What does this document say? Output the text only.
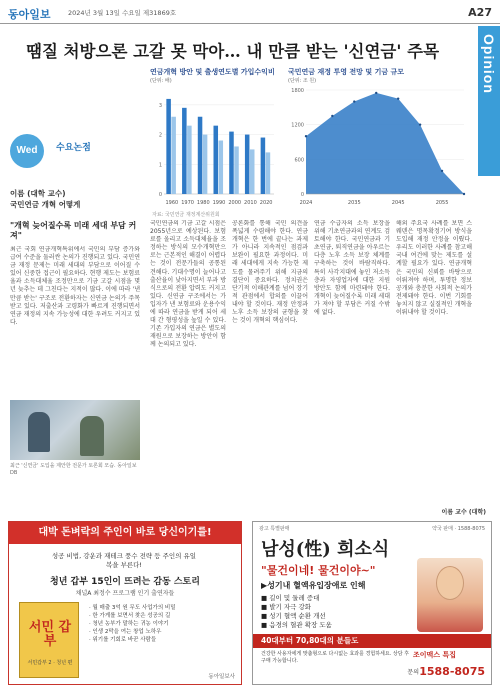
동아일보	2024년 3월 13일 수요일 제31869호	A27
Opinion
땜질 처방으론 고갈 못 막아… 내 만큼 받는 '신연금' 주목
Wed	수요논점
이름 (대학 교수)
국민연금 개혁 어떻게
"개혁 늦어질수록 미래 세대 부담 커져"
최근 국회 연금개혁특위에서 국민의 부담 증가와 급여 수준을 둘러싼 논의가 진행되고 있다. 국민연금 재정 문제는 미래 세대의 부담으로 이어질 수 있어 신중한 접근이 필요하다. 현행 제도는 보험료율과 소득대체율 조정만으로 기금 고갈 시점을 몇 년 늦추는 데 그친다는 지적이 많다. 이에 따라 '낸 만큼 받는' 구조로 전환하자는 신연금 논의가 주목받고 있다. 저출산과 고령화가 빠르게 진행되면서 연금 재정의 지속 가능성에 대한 우려도 커지고 있다.
최근 '신연금' 도입을 제안한 전문가 토론회 모습. 동아일보DB
연금개혁 방안 및 출생연도별 가입수익비
(단위: 배)
0
1
2
3
1960 1970 1980 1990 2000 2010 2020
국민연금 재정 투영 전망 및 기금 규모
(단위: 조 원)
0
600
1200
1800
2024	2035	2045	2055
자료: 국민연금 재정계산위원회
국민연금의 기금 고갈 시점은 2055년으로 예상된다. 보험료를 올리고 소득대체율을 조정하는 방식의 모수개혁만으로는 근본적인 해결이 어렵다는 것이 전문가들의 공통된 견해다. 기대수명이 늘어나고 출산율이 낮아지면서 부과 방식으로의 전환 압력도 커지고 있다. 신연금 구조에서는 가입자가 낸 보험료와 운용수익에 따라 연금을 받게 되어 세대 간 형평성을 높일 수 있다. 기존 가입자의 연금은 별도의 재원으로 보장하는 방안이 함께 논의되고 있다.
공론화를 통해 국민 의견을 폭넓게 수렴해야 한다. 연금개혁은 한 번에 끝나는 과제가 아니라 지속적인 점검과 보완이 필요한 과정이다. 미래 세대에게 지속 가능한 제도를 물려주기 위해 지금의 결단이 중요하다. 정치권은 단기적 이해관계를 넘어 장기적 관점에서 합의를 이끌어 내야 할 것이다. 재정 안정과 노후 소득 보장의 균형을 찾는 것이 개혁의 핵심이다.
연금 수급자의 소득 보장을 위해 기초연금과의 연계도 검토해야 한다. 국민연금과 기초연금, 퇴직연금을 아우르는 다층 노후 소득 보장 체계를 구축하는 것이 바람직하다. 특히 사각지대에 놓인 저소득층과 자영업자에 대한 지원 방안도 함께 마련돼야 한다. 개혁이 늦어질수록 미래 세대가 져야 할 부담은 커질 수밖에 없다.
해외 주요국 사례를 보면 스웨덴은 명목확정기여 방식을 도입해 재정 안정을 이뤘다. 우리도 이러한 사례를 참고해 국내 여건에 맞는 제도를 설계할 필요가 있다. 연금개혁은 국민의 신뢰를 바탕으로 이뤄져야 하며, 투명한 정보 공개와 충분한 사회적 논의가 전제돼야 한다. 이번 기회를 놓치지 않고 실질적인 개혁을 이뤄내야 할 것이다.
이름 교수 (대학)
대박 돈벼락의 주인이 바로 당신이기를!
성공 비법, 강운과 재테크 풍수 전략 등 주인의 유일 복을 부른다!
청년 갑부 15인이 뜨려는 감동 스토리
채널A 최정수 프로그램 인기 출연자들
서민 갑부
서민갑부 2 · 청년 편
· 월 매출 3억 원 무도 사업가의 비밀
· 한 가게를 보면서 찾은 성공의 길
· 청년 농부가 말하는 귀농 이야기
· 인생 2막을 여는 창업 노하우
· 위기를 기회로 바꾼 사람들
동아일보사
광고 특별판매	약국 판매 · 1588-8075
남성(性) 희소식
"물건이네! 물건이야~"
▶성기내 혈액유입장애로 인해
■ 길이 및 둘레 증대
■ 발기 자극 강화
■ 성기 혈액 순환 개선
■ 음경의 혈관 확장 도움
40대부터 70,80대의 분들도
건강한 사용자에게 맞춤형으로 다시없는 효과를 경험하세요. 상담 후 구매 가능합니다.
조이맥스 특집
문의 1588-8075
